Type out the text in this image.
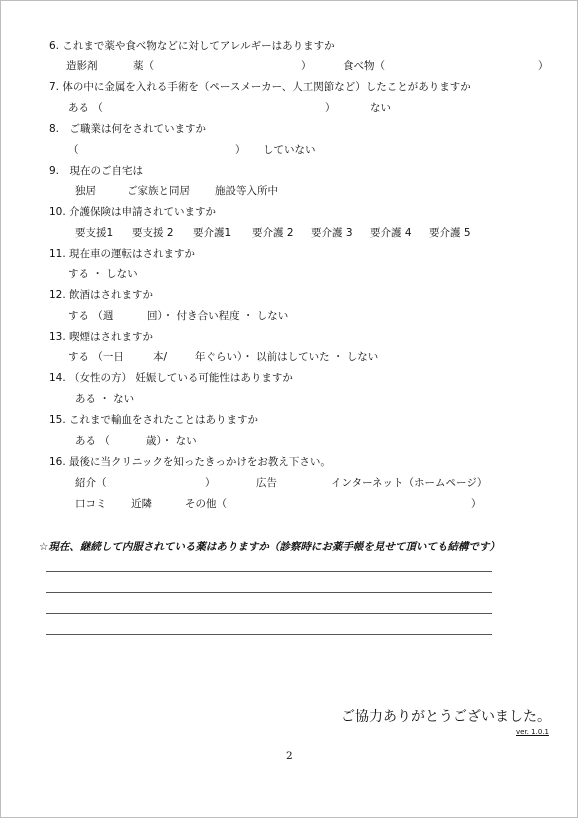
6. これまで薬や食べ物などに対してアレルギーはありますか
造影剤	薬（	）	食べ物（	）
7. 体の中に金属を入れる手術を（ペースメーカー、人工関節など）したことがありますか
ある （	）	ない
8.　ご職業は何をされていますか
（	） していない
9.　現在のご自宅は
独居	ご家族と同居 施設等入所中
10. 介護保険は申請されていますか
要支援1 要支援 2 要介護1 要介護 2 要介護 3 要介護 4 要介護 5
11. 現在車の運転はされますか
する ・ しない
12. 飲酒はされますか
する （週	回）・ 付き合い程度 ・ しない
13. 喫煙はされますか
する （一日	本/	年ぐらい）・ 以前はしていた ・ しない
14. （女性の方） 妊娠している可能性はありますか
ある ・ ない
15. これまで輸血をされたことはありますか
ある （	歳）・ ない
16. 最後に当クリニックを知ったきっかけをお教え下さい。
紹介（	）	広告	インターネット（ホームページ）
口コミ 近隣	その他（	）
☆現在、継続して内服されている薬はありますか（診察時にお薬手帳を見せて頂いても結構です）
ご協力ありがとうございました。
ver. 1.0.1
2
